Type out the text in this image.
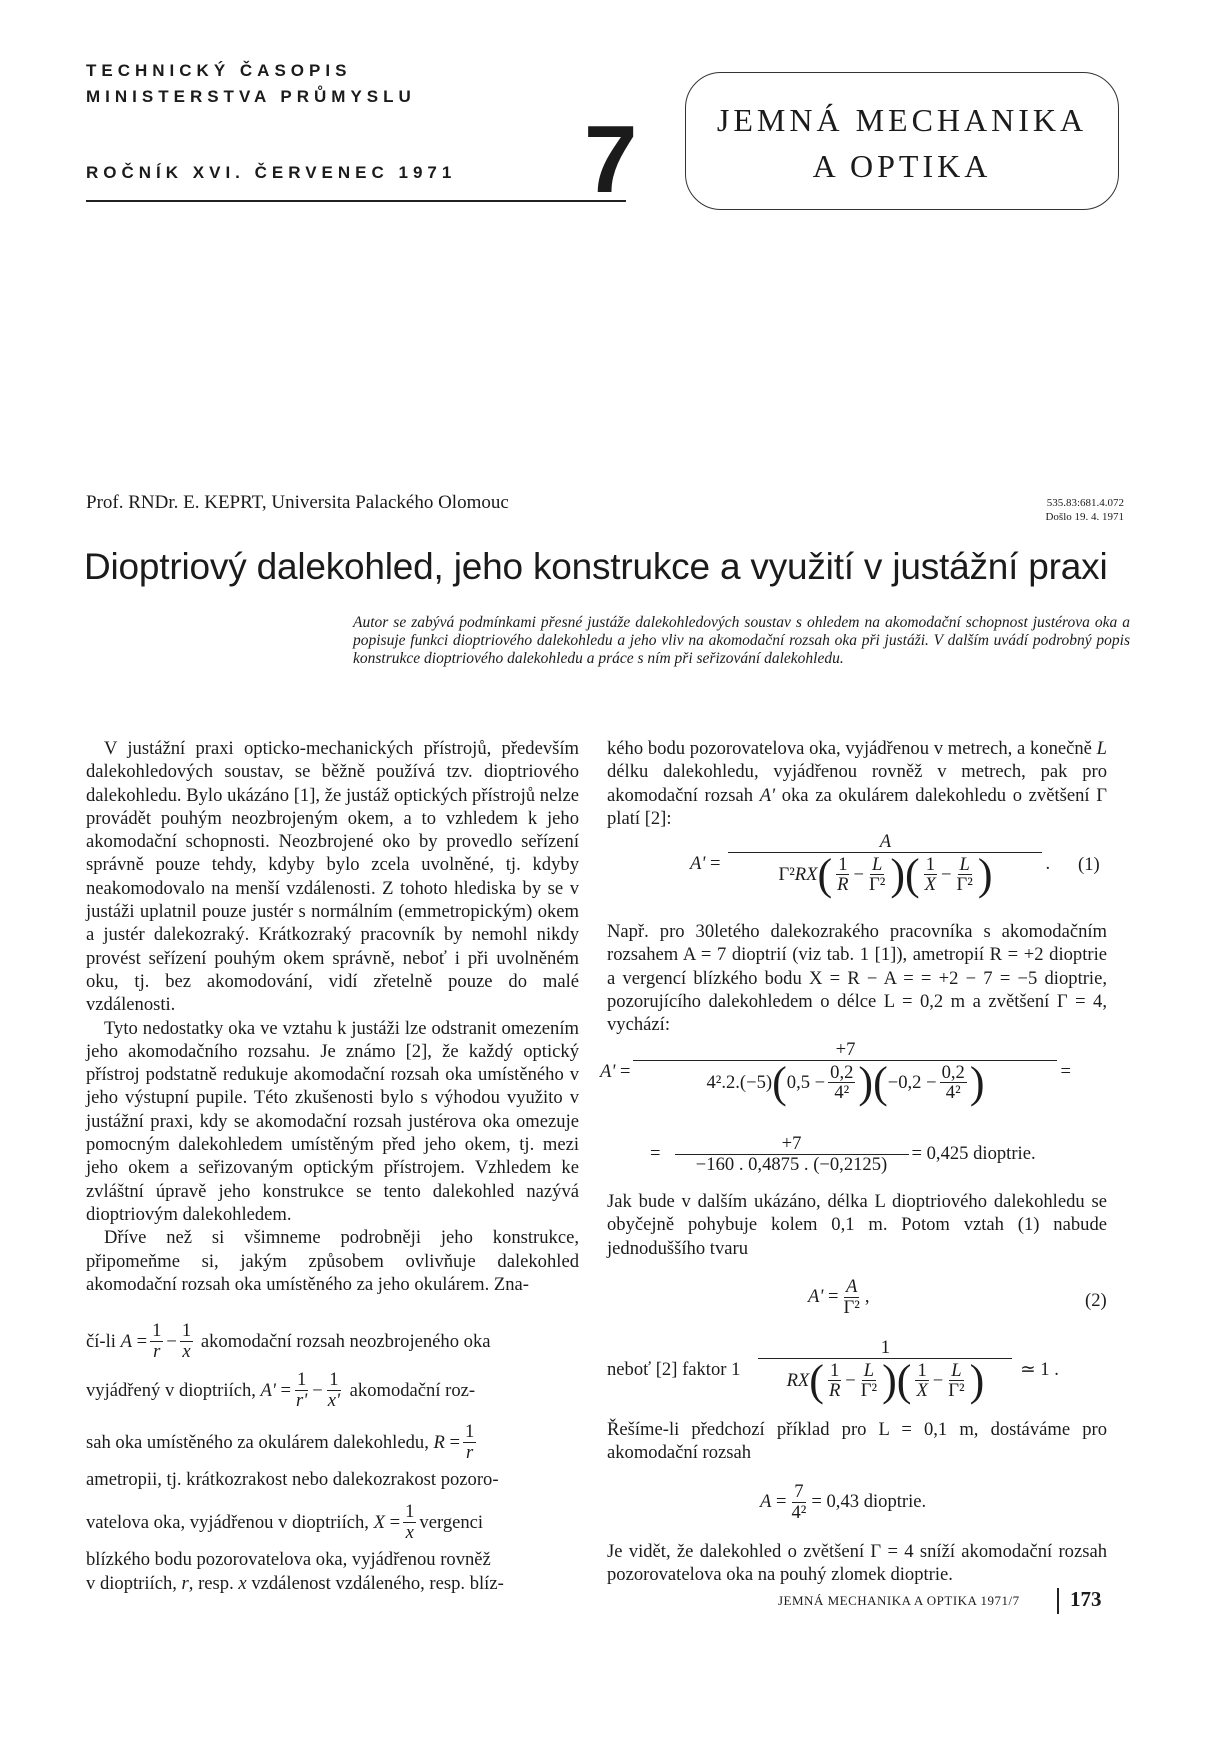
TECHNICKÝ ČASOPIS
MINISTERSTVA PRŮMYSLU
ROČNÍK XVI. ČERVENEC 1971 7	JEMNÁ MECHANIKA
A OPTIKA
Prof. RNDr. E. KEPRT, Universita Palackého Olomouc	535.83:681.4.072
Došlo 19. 4. 1971
Dioptriový dalekohled, jeho konstrukce a využití v justážní praxi
Autor se zabývá podmínkami přesné justáže dalekohledových soustav s ohledem na akomodační schopnost justérova oka a popisuje funkci dioptriového dalekohledu a jeho vliv na akomodační rozsah oka při justáži. V dalším uvádí podrobný popis konstrukce dioptriového dalekohledu a práce s ním při seřizování dalekohledu.

V justážní praxi opticko-mechanických přístrojů, především dalekohledových soustav, se běžně používá tzv. dioptriového dalekohledu. Bylo ukázáno [1], že justáž optických přístrojů nelze provádět pouhým neozbrojeným okem, a to vzhledem k jeho akomodační schopnosti. Neozbrojené oko by provedlo seřízení správně pouze tehdy, kdyby bylo zcela uvolněné, tj. kdyby neakomodovalo na menší vzdálenosti. Z tohoto hlediska by se v justáži uplatnil pouze justér s normálním (emmetropickým) okem a justér dalekozraký. Krátkozraký pracovník by nemohl nikdy provést seřízení pouhým okem správně, neboť i při uvolněném oku, tj. bez akomodování, vidí zřetelně pouze do malé vzdálenosti.

Tyto nedostatky oka ve vztahu k justáži lze odstranit omezením jeho akomodačního rozsahu. Je známo [2], že každý optický přístroj podstatně redukuje akomodační rozsah oka umístěného v jeho výstupní pupile. Této zkušenosti bylo s výhodou využito v justážní praxi, kdy se akomodační rozsah justérova oka omezuje pomocným dalekohledem umístěným před jeho okem, tj. mezi jeho okem a seřizovaným optickým přístrojem. Vzhledem ke zvláštní úpravě jeho konstrukce se tento dalekohled nazývá dioptriovým dalekohledem.

Dříve než si všimneme podrobněji jeho konstrukce, připomeňme si, jakým způsobem ovlivňuje dalekohled akomodační rozsah oka umístěného za jeho okulárem. Zna-

čí-li
$A = \frac{1}{r} - \frac{1}{x}$
akomodační rozsah neozbrojeného oka
vyjádřený v dioptriích,
$A' = \frac{1}{r'} - \frac{1}{x'}$
akomodační roz-
sah oka umístěného za okulárem dalekohledu,
$R = \frac{1}{r}$
ametropii, tj. krátkozrakost nebo dalekozrakost pozoro-
vatelova oka, vyjádřenou v dioptriích,
$X = \frac{1}{x}$ vergenci
blízkého bodu pozorovatelova oka, vyjádřenou rovněž
v dioptriích, r, resp. x vzdálenost vzdáleného, resp. blíz-

kého bodu pozorovatelova oka, vyjádřenou v metrech, a konečně L délku dalekohledu, vyjádřenou rovněž v metrech, pak pro akomodační rozsah A' oka za okulárem dalekohledu o zvětšení Γ platí [2]:

$A' = \frac{A}{\Gamma^2 RX ( \frac{1}{R} - \frac{L}{\text{Γ²}} ) ( \frac{1}{X} - \frac{L}{\text{Γ²}} )}$ . (1)

Např. pro 30letého dalekozrakého pracovníka s akomodačním rozsahem A = 7 dioptrií (viz tab. 1 [1]), ametropií R = +2 dioptrie a vergencí blízkého bodu X = R − A = = +2 − 7 = −5 dioptrie, pozorujícího dalekohledem o délce L = 0,2 m a zvětšení Γ = 4, vychází:

$A' = \frac{+7}{4^2.2.(-5) ( 0,5 - \frac{0,2}{\text{4²}} ) ( -0,2 - \frac{0,2}{\text{4²}} )}$ =
= $\frac{+7}{-160 . 0,4875 . (-0,2125)} = 0,425$ dioptrie.

Jak bude v dalším ukázáno, délka L dioptriového dalekohledu se obyčejně pohybuje kolem 0,1 m. Potom vztah (1) nabude jednoduššího tvaru

$A' = \frac{A}{\text{Γ²}}$ ,	(2)
neboť [2] faktor $1 \frac{1}{RX ( \frac{1}{R} - \frac{L}{\text{Γ²}} ) ( \frac{1}{X} - \frac{L}{\text{Γ²}} )}$ ≃ 1 .

Řešíme-li předchozí příklad pro L = 0,1 m, dostáváme pro akomodační rozsah

$A = \frac{7}{\text{4²}} = 0,43$ dioptrie.

Je vidět, že dalekohled o zvětšení Γ = 4 sníží akomodační rozsah pozorovatelova oka na pouhý zlomek dioptrie.

JEMNÁ MECHANIKA A OPTIKA 1971/7 173
